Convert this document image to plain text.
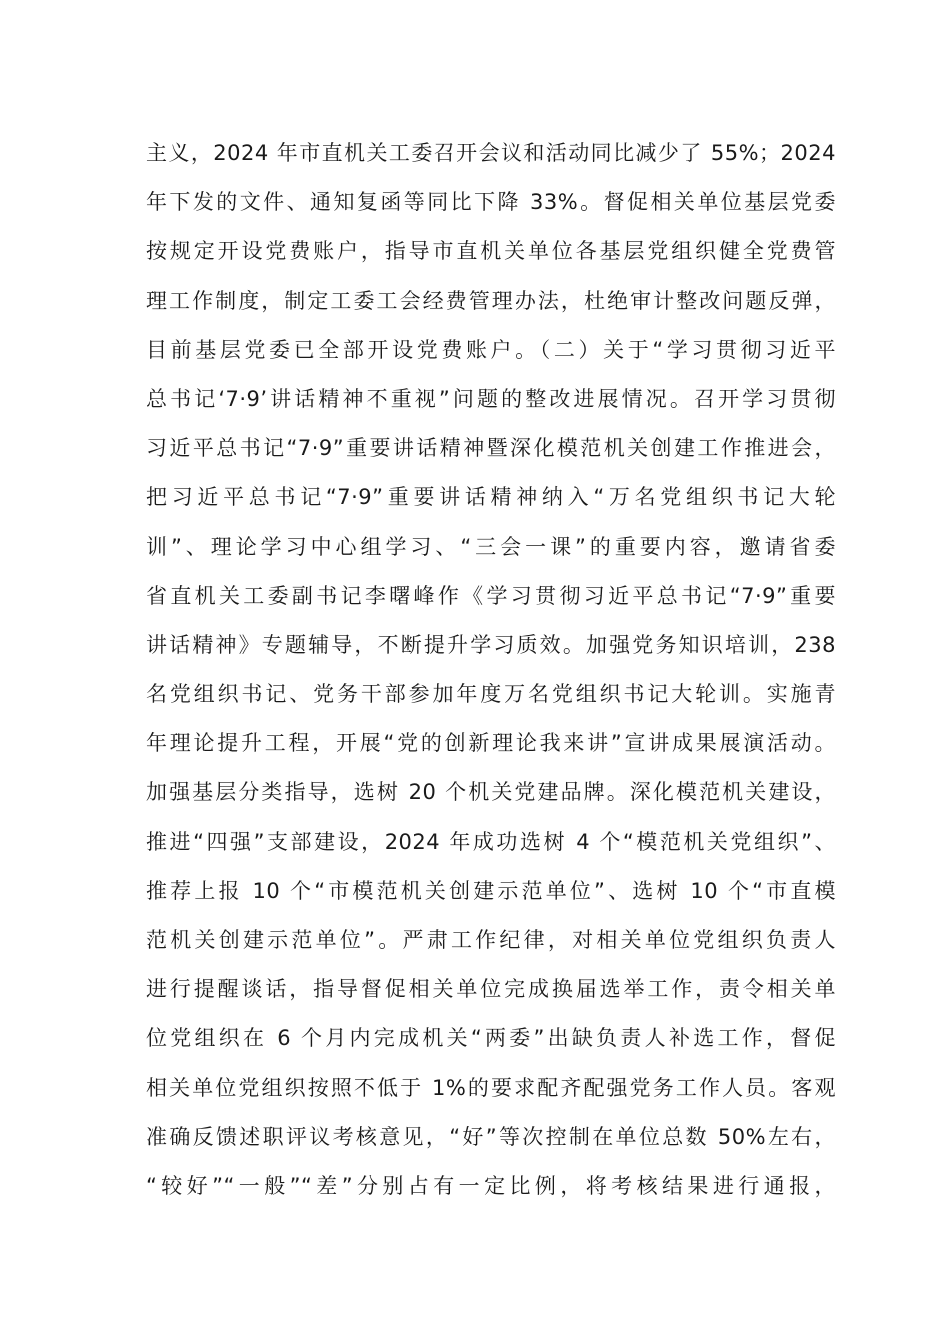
主义，2024 年市直机关工委召开会议和活动同比减少了 55%；2024
年下发的文件、通知复函等同比下降 33%。督促相关单位基层党委
按规定开设党费账户，指导市直机关单位各基层党组织健全党费管
理工作制度，制定工委工会经费管理办法，杜绝审计整改问题反弹，
目前基层党委已全部开设党费账户。（二）关于“学习贯彻习近平
总书记‘7·9’讲话精神不重视”问题的整改进展情况。召开学习贯彻
习近平总书记“7·9”重要讲话精神暨深化模范机关创建工作推进会，
把习近平总书记“7·9”重要讲话精神纳入“万名党组织书记大轮
训”、理论学习中心组学习、“三会一课”的重要内容，邀请省委
省直机关工委副书记李曙峰作《学习贯彻习近平总书记“7·9”重要
讲话精神》专题辅导，不断提升学习质效。加强党务知识培训，238
名党组织书记、党务干部参加年度万名党组织书记大轮训。实施青
年理论提升工程，开展“党的创新理论我来讲”宣讲成果展演活动。
加强基层分类指导，选树 20 个机关党建品牌。深化模范机关建设，
推进“四强”支部建设，2024 年成功选树 4 个“模范机关党组织”、
推荐上报 10 个“市模范机关创建示范单位”、选树 10 个“市直模
范机关创建示范单位”。严肃工作纪律，对相关单位党组织负责人
进行提醒谈话，指导督促相关单位完成换届选举工作，责令相关单
位党组织在 6 个月内完成机关“两委”出缺负责人补选工作，督促
相关单位党组织按照不低于 1%的要求配齐配强党务工作人员。客观
准确反馈述职评议考核意见，“好”等次控制在单位总数 50%左右，
“较好”“一般”“差”分别占有一定比例，将考核结果进行通报，
